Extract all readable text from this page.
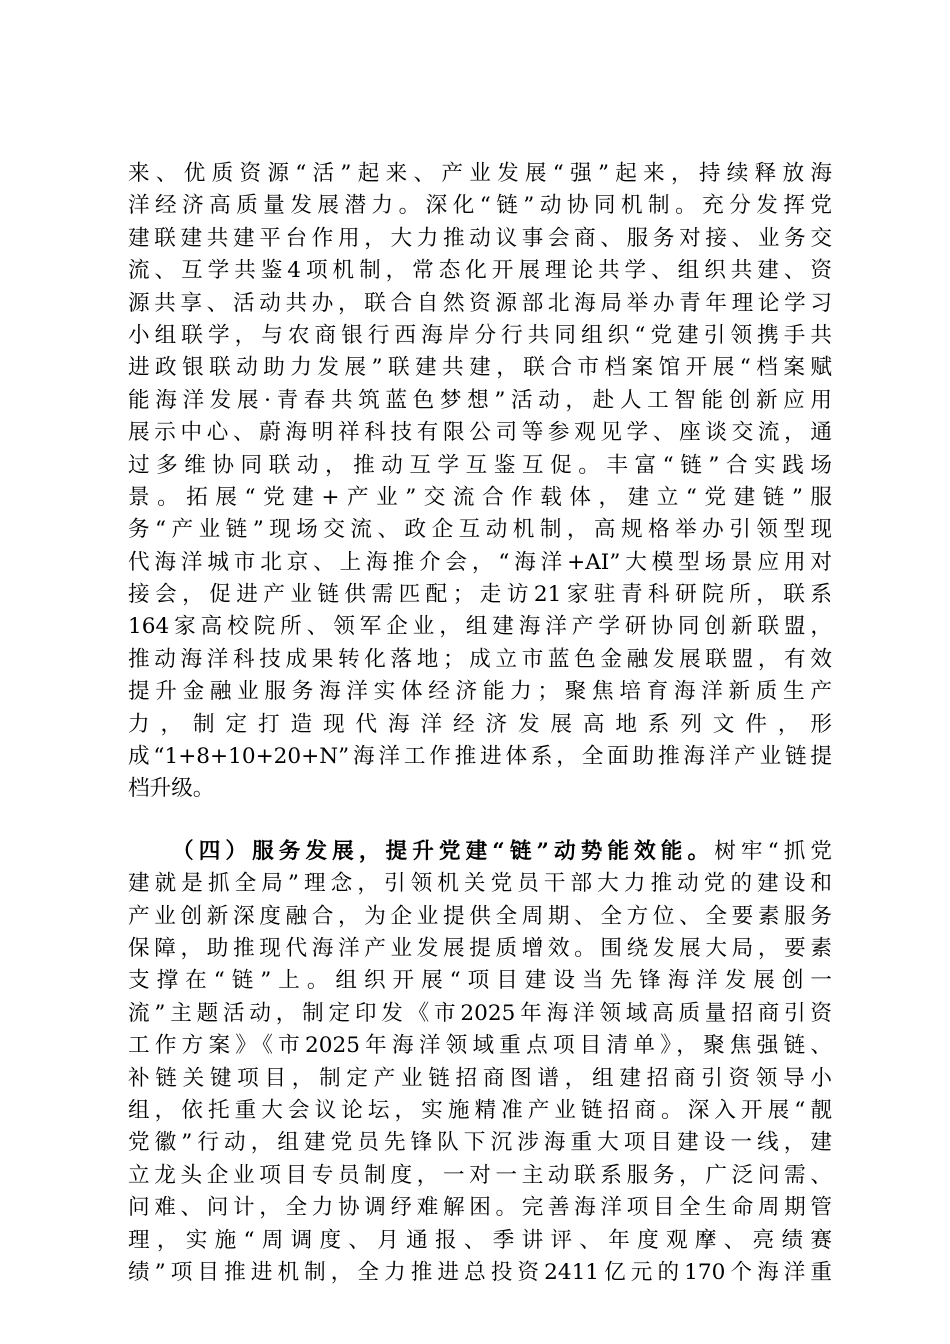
来、优质资源“活”起来、产业发展“强”起来，持续释放海
洋经济高质量发展潜力。深化“链”动协同机制。充分发挥党
建联建共建平台作用，大力推动议事会商、服务对接、业务交
流、互学共鉴4项机制，常态化开展理论共学、组织共建、资
源共享、活动共办，联合自然资源部北海局举办青年理论学习
小组联学，与农商银行西海岸分行共同组织“党建引领携手共
进政银联动助力发展”联建共建，联合市档案馆开展“档案赋
能海洋发展·青春共筑蓝色梦想”活动，赴人工智能创新应用
展示中心、蔚海明祥科技有限公司等参观见学、座谈交流，通
过多维协同联动，推动互学互鉴互促。丰富“链”合实践场
景。拓展“党建+产业”交流合作载体，建立“党建链”服
务“产业链”现场交流、政企互动机制，高规格举办引领型现
代海洋城市北京、上海推介会，“海洋+AI”大模型场景应用对
接会，促进产业链供需匹配；走访21家驻青科研院所，联系
164家高校院所、领军企业，组建海洋产学研协同创新联盟，
推动海洋科技成果转化落地；成立市蓝色金融发展联盟，有效
提升金融业服务海洋实体经济能力；聚焦培育海洋新质生产
力，制定打造现代海洋经济发展高地系列文件，形
成“1+8+10+20+N”海洋工作推进体系，全面助推海洋产业链提
档升级。
（四）服务发展，提升党建“链”动势能效能。树牢“抓党
建就是抓全局”理念，引领机关党员干部大力推动党的建设和
产业创新深度融合，为企业提供全周期、全方位、全要素服务
保障，助推现代海洋产业发展提质增效。围绕发展大局，要素
支撑在“链”上。组织开展“项目建设当先锋海洋发展创一
流”主题活动，制定印发《市2025年海洋领域高质量招商引资
工作方案》《市2025年海洋领域重点项目清单》，聚焦强链、
补链关键项目，制定产业链招商图谱，组建招商引资领导小
组，依托重大会议论坛，实施精准产业链招商。深入开展“靓
党徽”行动，组建党员先锋队下沉涉海重大项目建设一线，建
立龙头企业项目专员制度，一对一主动联系服务，广泛问需、
问难、问计，全力协调纾难解困。完善海洋项目全生命周期管
理，实施“周调度、月通报、季讲评、年度观摩、亮绩赛
绩”项目推进机制，全力推进总投资2411亿元的170个海洋重
